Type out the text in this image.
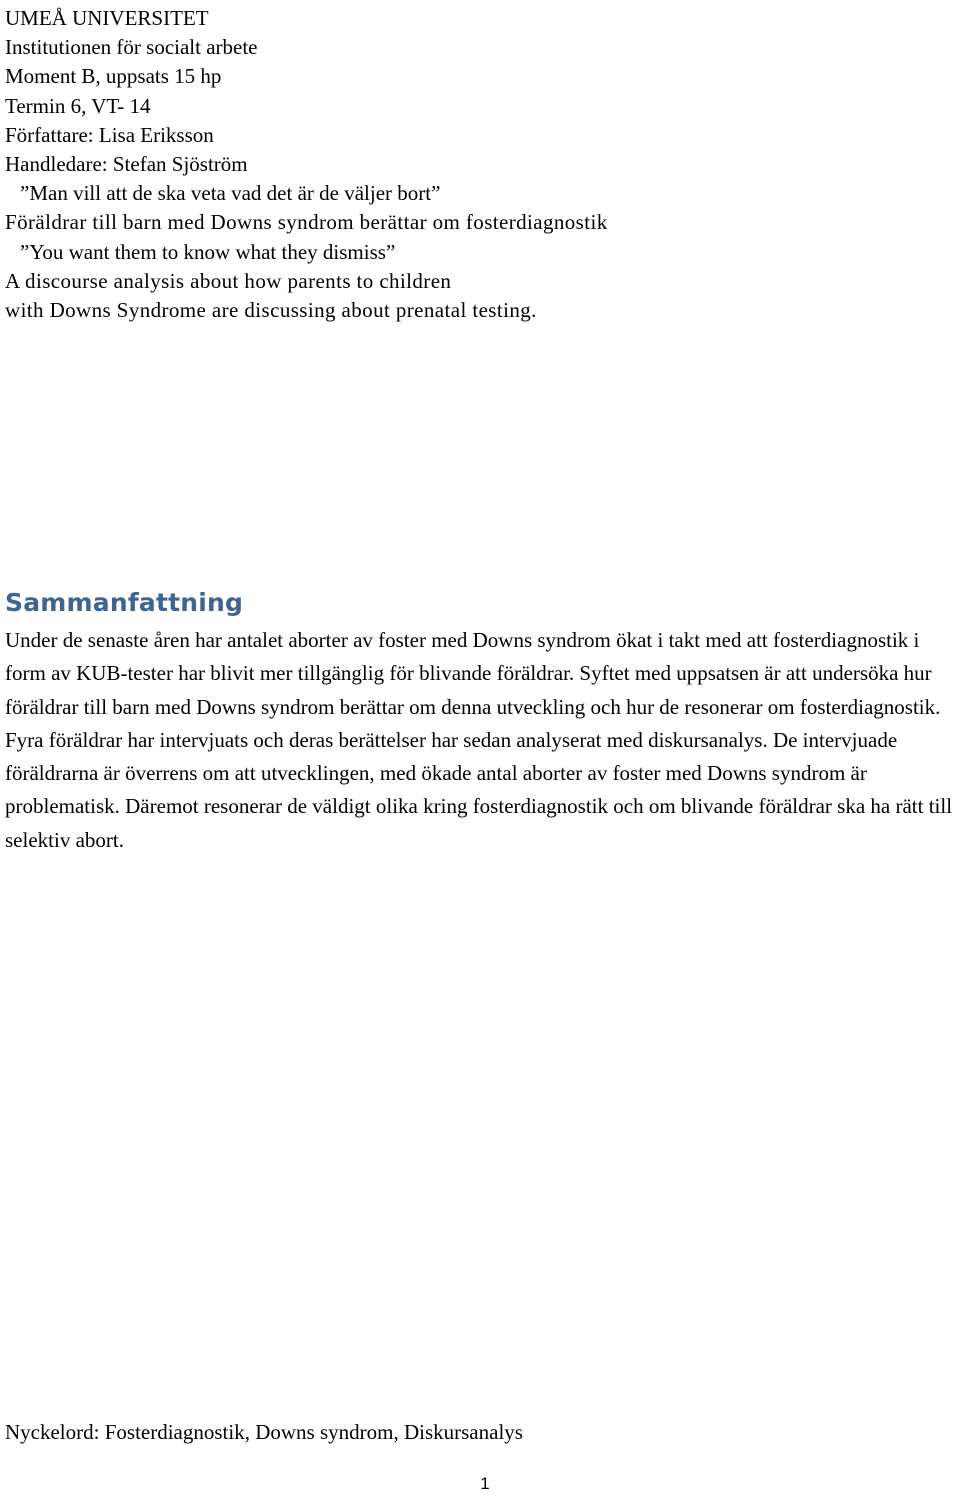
UMEÅ UNIVERSITET
Institutionen för socialt arbete
Moment B, uppsats 15 hp
Termin 6, VT- 14
Författare: Lisa Eriksson
Handledare: Stefan Sjöström
”Man vill att de ska veta vad det är de väljer bort”
Föräldrar till barn med Downs syndrom berättar om fosterdiagnostik
”You want them to know what they dismiss”
A discourse analysis about how parents to children
with Downs Syndrome are discussing about prenatal testing.
Sammanfattning

Under de senaste åren har antalet aborter av foster med Downs syndrom ökat i takt med att fosterdiagnostik i form av KUB-tester har blivit mer tillgänglig för blivande föräldrar. Syftet med uppsatsen är att undersöka hur föräldrar till barn med Downs syndrom berättar om denna utveckling och hur de resonerar om fosterdiagnostik. Fyra föräldrar har intervjuats och deras berättelser har sedan analyserat med diskursanalys. De intervjuade föräldrarna är överrens om att utvecklingen, med ökade antal aborter av foster med Downs syndrom är problematisk. Däremot resonerar de väldigt olika kring fosterdiagnostik och om blivande föräldrar ska ha rätt till selektiv abort.

Nyckelord: Fosterdiagnostik, Downs syndrom, Diskursanalys

1
